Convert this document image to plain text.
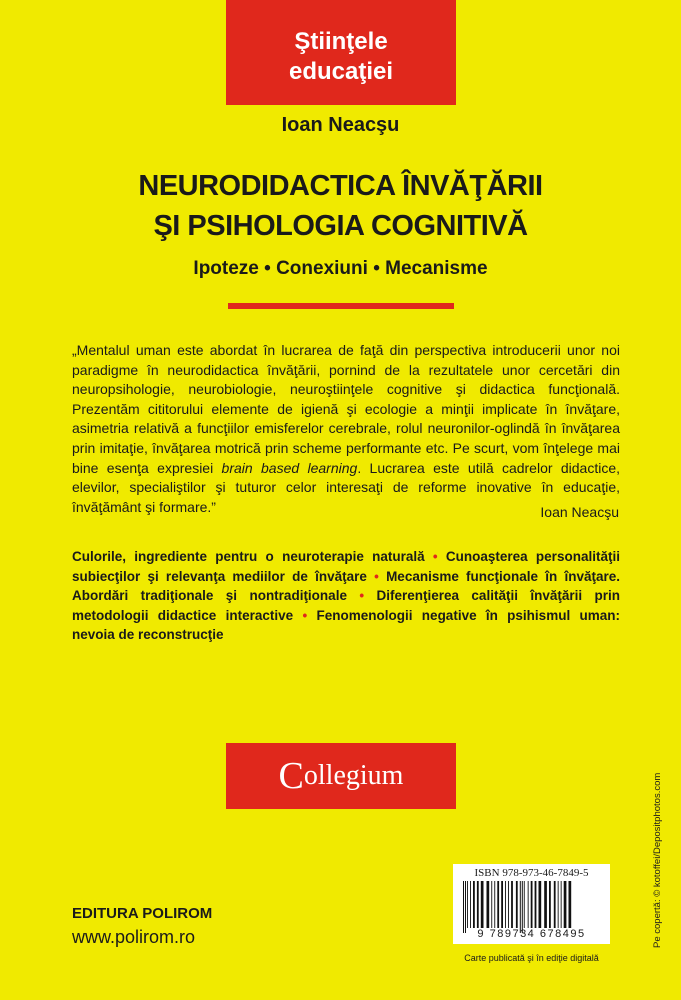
Ştiinţele
educaţiei
Ioan Neacşu
NEURODIDACTICA ÎNVĂŢĂRII
ŞI PSIHOLOGIA COGNITIVĂ
Ipoteze • Conexiuni • Mecanisme

„Mentalul uman este abordat în lucrarea de faţă din perspectiva introducerii unor noi paradigme în neurodidactica învăţării, pornind de la rezultatele unor cercetări din neuropsihologie, neurobiologie, neuroştiinţele cognitive şi didactica funcţională. Prezentăm cititorului elemente de igienă şi ecologie a minţii implicate în învăţare, asimetria relativă a funcţiilor emisferelor cerebrale, rolul neuronilor-oglindă în învăţarea prin imitaţie, învăţarea motrică prin scheme performante etc. Pe scurt, vom înţelege mai bine esenţa expresiei brain based learning. Lucrarea este utilă cadrelor didactice, elevilor, specialiştilor şi tuturor celor interesaţi de reforme inovative în educaţie, învăţământ şi formare.”	Ioan Neacşu

Culorile, ingrediente pentru o neuroterapie naturală • Cunoaşterea personalităţii subiecţilor şi relevanţa mediilor de învăţare • Mecanisme funcţionale în învăţare. Abordări tradiţionale şi nontradiţionale • Diferenţierea calităţii învăţării prin metodologii didactice interactive • Fenomenologii negative în psihismul uman: nevoia de reconstrucţie

C ollegium
EDITURA POLIROM
www.polirom.ro
ISBN 978-973-46-7849-5
9 789734 678495
Carte publicată şi în ediţie digitală
Pe copertă: © kotoffei/Depositphotos.com
